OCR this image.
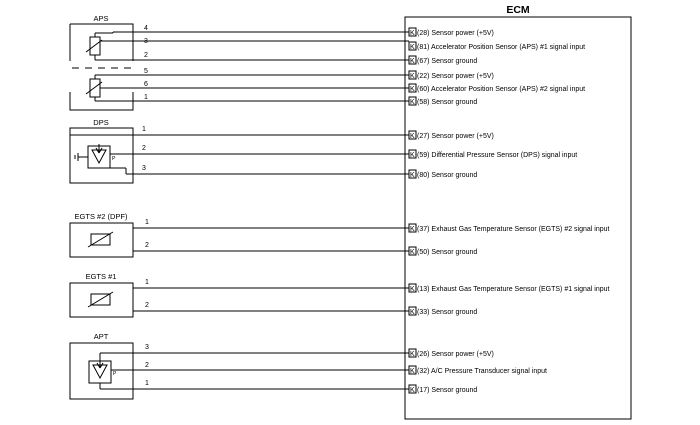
ECM
APS
4
3
2
5
6
1
DPS
P
1
2
3
EGTS #2 (DPF)
1
2
EGTS #1
1
2
APT
P
3
2
1
K (28) Sensor power (+5V)
K (81) Accelerator Position Sensor (APS) #1 signal input
K (67) Sensor ground
K (22) Sensor power (+5V)
K (60) Accelerator Position Sensor (APS) #2 signal input
K (58) Sensor ground
K (27) Sensor power (+5V)
K (59) Differential Pressure Sensor (DPS) signal input
K (80) Sensor ground
K (37) Exhaust Gas Temperature Sensor (EGTS) #2 signal input
K (50) Sensor ground
K (13) Exhaust Gas Temperature Sensor (EGTS) #1 signal input
K (33) Sensor ground
K (26) Sensor power (+5V)
K (32) A/C Pressure Transducer signal input
K (17) Sensor ground
